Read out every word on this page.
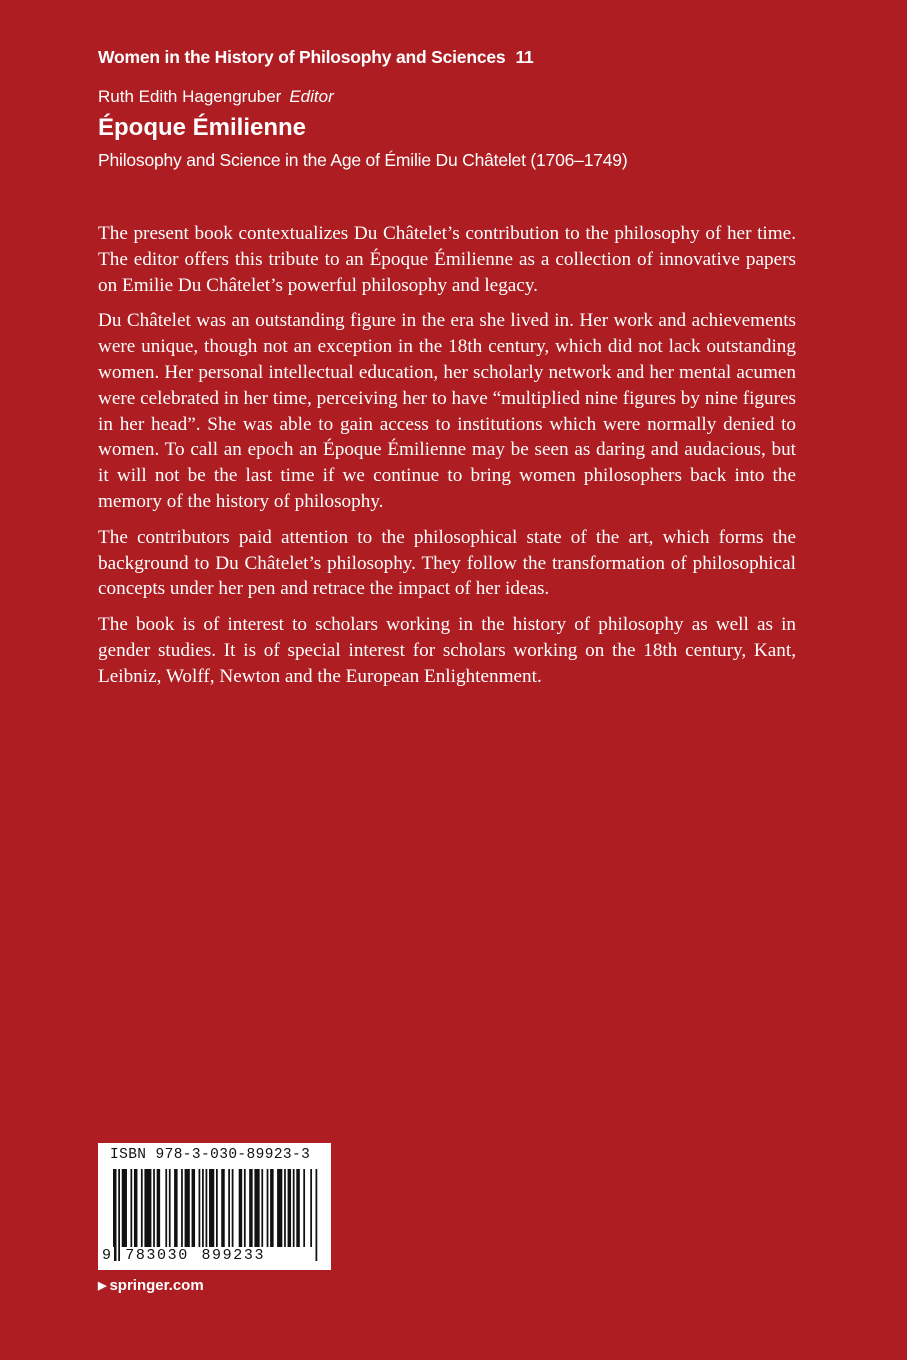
Women in the History of Philosophy and Sciences 11
Ruth Edith Hagengruber Editor
Époque Émilienne
Philosophy and Science in the Age of Émilie Du Châtelet (1706–1749)

The present book contextualizes Du Châtelet’s contribution to the philosophy of her time. The editor offers this tribute to an Époque Émilienne as a collection of innovative papers on Emilie Du Châtelet’s powerful philosophy and legacy.

Du Châtelet was an outstanding figure in the era she lived in. Her work and achievements were unique, though not an exception in the 18th century, which did not lack outstanding women. Her personal intellectual education, her scholarly network and her mental acumen were celebrated in her time, perceiving her to have “multiplied nine figures by nine figures in her head”. She was able to gain access to institutions which were normally denied to women. To call an epoch an Époque Émilienne may be seen as daring and audacious, but it will not be the last time if we continue to bring women philosophers back into the memory of the history of philosophy.

The contributors paid attention to the philosophical state of the art, which forms the background to Du Châtelet’s philosophy. They follow the transformation of philosophical concepts under her pen and retrace the impact of her ideas.

The book is of interest to scholars working in the history of philosophy as well as in gender studies. It is of special interest for scholars working on the 18th century, Kant, Leibniz, Wolff, Newton and the European Enlightenment.

ISBN 978-3-030-89923-3
9 783030 899233
▶ springer.com
